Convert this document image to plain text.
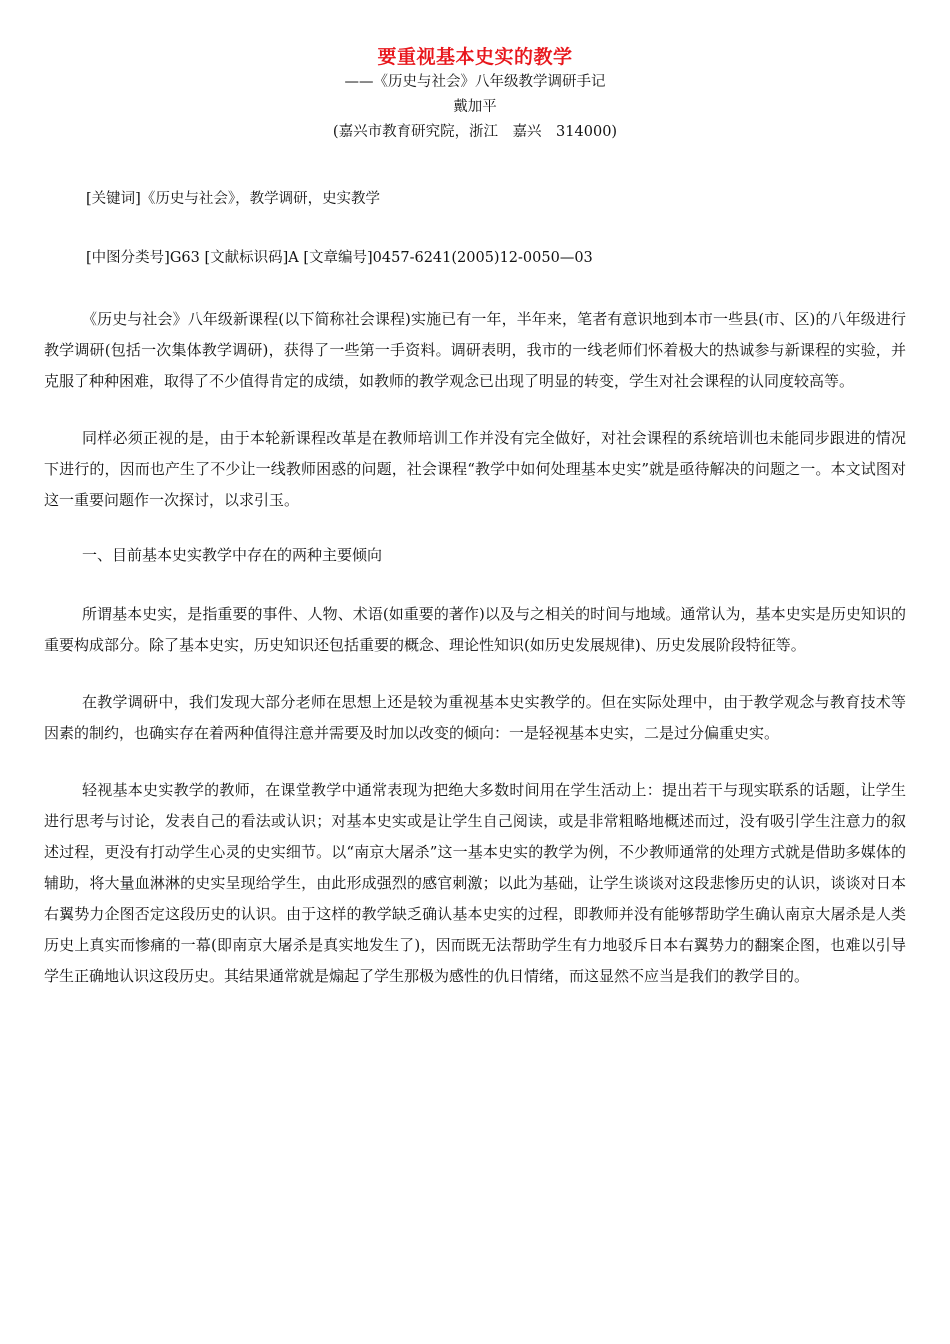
要重视基本史实的教学
——《历史与社会》八年级教学调研手记
戴加平
(嘉兴市教育研究院，浙江　嘉兴　314000)
[关键词]《历史与社会》，教学调研，史实教学
[中图分类号]G63 [文献标识码]A [文章编号]0457-6241(2005)12-0050—03

《历史与社会》八年级新课程(以下简称社会课程)实施已有一年，半年来，笔者有意识地到本市一些县(市、区)的八年级进行教学调研(包括一次集体教学调研)，获得了一些第一手资料。调研表明，我市的一线老师们怀着极大的热诚参与新课程的实验，并克服了种种困难，取得了不少值得肯定的成绩，如教师的教学观念已出现了明显的转变，学生对社会课程的认同度较高等。

同样必须正视的是，由于本轮新课程改革是在教师培训工作并没有完全做好，对社会课程的系统培训也未能同步跟进的情况下进行的，因而也产生了不少让一线教师困惑的问题，社会课程“教学中如何处理基本史实”就是亟待解决的问题之一。本文试图对这一重要问题作一次探讨，以求引玉。

一、目前基本史实教学中存在的两种主要倾向

所谓基本史实，是指重要的事件、人物、术语(如重要的著作)以及与之相关的时间与地域。通常认为，基本史实是历史知识的重要构成部分。除了基本史实，历史知识还包括重要的概念、理论性知识(如历史发展规律)、历史发展阶段特征等。

在教学调研中，我们发现大部分老师在思想上还是较为重视基本史实教学的。但在实际处理中，由于教学观念与教育技术等因素的制约，也确实存在着两种值得注意并需要及时加以改变的倾向：一是轻视基本史实，二是过分偏重史实。

轻视基本史实教学的教师，在课堂教学中通常表现为把绝大多数时间用在学生活动上：提出若干与现实联系的话题，让学生进行思考与讨论，发表自己的看法或认识；对基本史实或是让学生自己阅读，或是非常粗略地概述而过，没有吸引学生注意力的叙述过程，更没有打动学生心灵的史实细节。以“南京大屠杀”这一基本史实的教学为例，不少教师通常的处理方式就是借助多媒体的辅助，将大量血淋淋的史实呈现给学生，由此形成强烈的感官刺激；以此为基础，让学生谈谈对这段悲惨历史的认识，谈谈对日本右翼势力企图否定这段历史的认识。由于这样的教学缺乏确认基本史实的过程，即教师并没有能够帮助学生确认南京大屠杀是人类历史上真实而惨痛的一幕(即南京大屠杀是真实地发生了)，因而既无法帮助学生有力地驳斥日本右翼势力的翻案企图，也难以引导学生正确地认识这段历史。其结果通常就是煽起了学生那极为感性的仇日情绪，而这显然不应当是我们的教学目的。
